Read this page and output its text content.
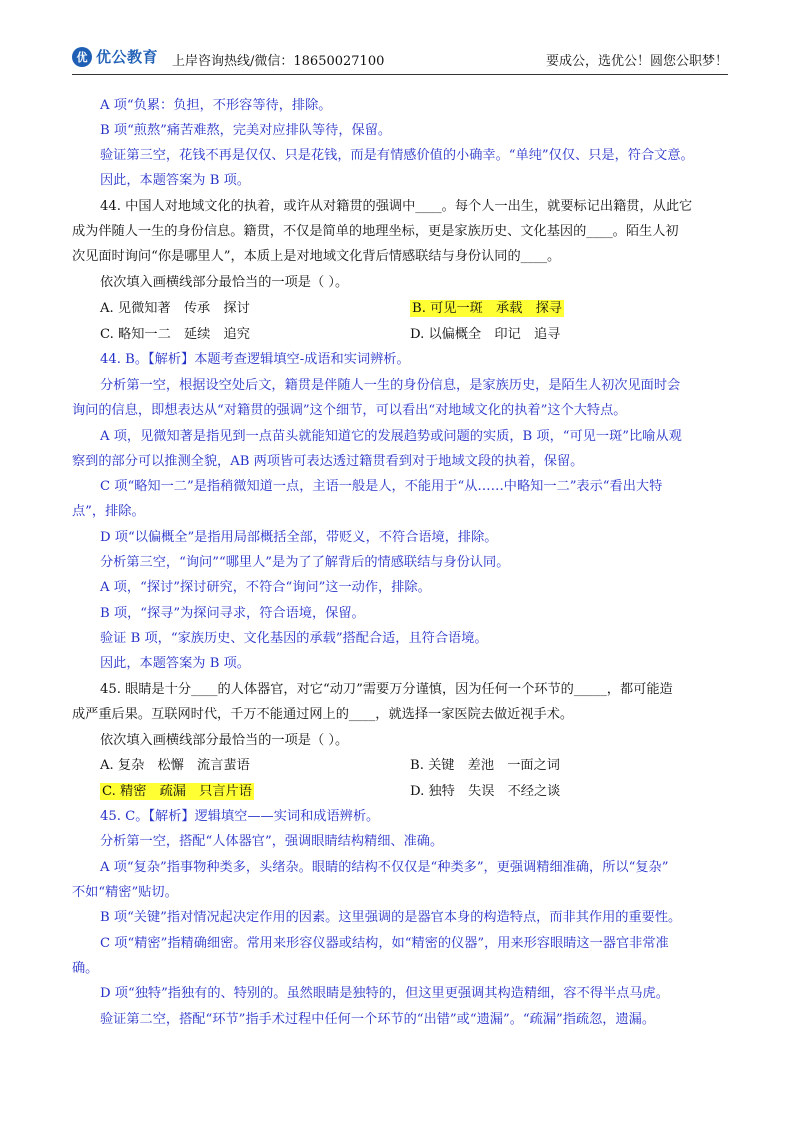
优 优公教育 上岸咨询热线/微信：18650027100	要成公，选优公！圆您公职梦！
A 项“负累：负担，不形容等待，排除。
B 项“煎熬”痛苦难熬，完美对应排队等待，保留。
验证第三空，花钱不再是仅仅、只是花钱，而是有情感价值的小确幸。“单纯”仅仅、只是，符合文意。
因此，本题答案为 B 项。
44. 中国人对地域文化的执着，或许从对籍贯的强调中____。每个人一出生，就要标记出籍贯，从此它
成为伴随人一生的身份信息。籍贯，不仅是简单的地理坐标，更是家族历史、文化基因的____。陌生人初
次见面时询问“你是哪里人”，本质上是对地域文化背后情感联结与身份认同的____。
依次填入画横线部分最恰当的一项是（ ）。
A. 见微知著　传承　探讨	B. 可见一斑　承载　探寻
C. 略知一二　延续　追究	D. 以偏概全　印记　追寻
44. B。【解析】本题考查逻辑填空-成语和实词辨析。
分析第一空，根据设空处后文，籍贯是伴随人一生的身份信息，是家族历史，是陌生人初次见面时会
询问的信息，即想表达从“对籍贯的强调”这个细节，可以看出“对地域文化的执着”这个大特点。
A 项，见微知著是指见到一点苗头就能知道它的发展趋势或问题的实质，B 项，“可见一斑”比喻从观
察到的部分可以推测全貌，AB 两项皆可表达透过籍贯看到对于地域文段的执着，保留。
C 项“略知一二”是指稍微知道一点，主语一般是人，不能用于“从……中略知一二”表示“看出大特
点”，排除。
D 项“以偏概全”是指用局部概括全部，带贬义，不符合语境，排除。
分析第三空，“询问”“哪里人”是为了了解背后的情感联结与身份认同。
A 项，“探讨”探讨研究，不符合“询问”这一动作，排除。
B 项，“探寻”为探问寻求，符合语境，保留。
验证 B 项，“家族历史、文化基因的承载”搭配合适，且符合语境。
因此，本题答案为 B 项。
45. 眼睛是十分____的人体器官，对它“动刀”需要万分谨慎，因为任何一个环节的_____，都可能造
成严重后果。互联网时代，千万不能通过网上的____，就选择一家医院去做近视手术。
依次填入画横线部分最恰当的一项是（ ）。
A. 复杂　松懈　流言蜚语	B. 关键　差池　一面之词
C. 精密　疏漏　只言片语	D. 独特　失误　不经之谈
45. C。【解析】逻辑填空——实词和成语辨析。
分析第一空，搭配“人体器官”，强调眼睛结构精细、准确。
A 项“复杂”指事物种类多，头绪杂。眼睛的结构不仅仅是“种类多”，更强调精细准确，所以“复杂”
不如“精密”贴切。
B 项“关键”指对情况起决定作用的因素。这里强调的是器官本身的构造特点，而非其作用的重要性。
C 项“精密”指精确细密。常用来形容仪器或结构，如“精密的仪器”，用来形容眼睛这一器官非常准
确。
D 项“独特”指独有的、特别的。虽然眼睛是独特的，但这里更强调其构造精细，容不得半点马虎。
验证第二空，搭配“环节”指手术过程中任何一个环节的“出错”或“遗漏”。“疏漏”指疏忽，遗漏。
